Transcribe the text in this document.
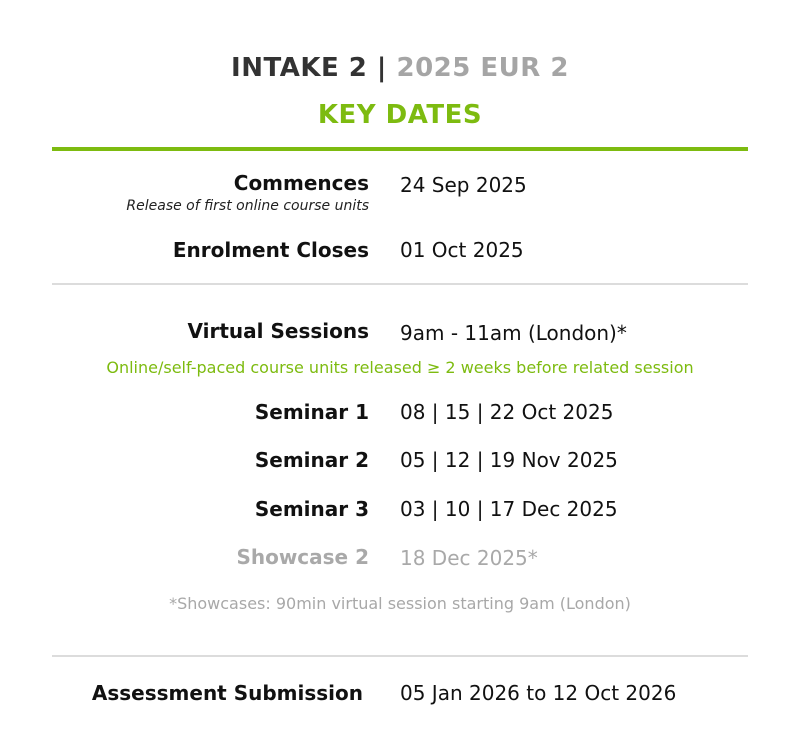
INTAKE 2 | 2025 EUR 2
KEY DATES
Commences
Release of first online course units
24 Sep 2025
Enrolment Closes 01 Oct 2025
Virtual Sessions 9am - 11am (London)*
Online/self-paced course units released ≥ 2 weeks before related session
Seminar 1 08 | 15 | 22 Oct 2025
Seminar 2 05 | 12 | 19 Nov 2025
Seminar 3 03 | 10 | 17 Dec 2025
Showcase 2 18 Dec 2025*
*Showcases: 90min virtual session starting 9am (London)
Assessment Submission 05 Jan 2026 to 12 Oct 2026
